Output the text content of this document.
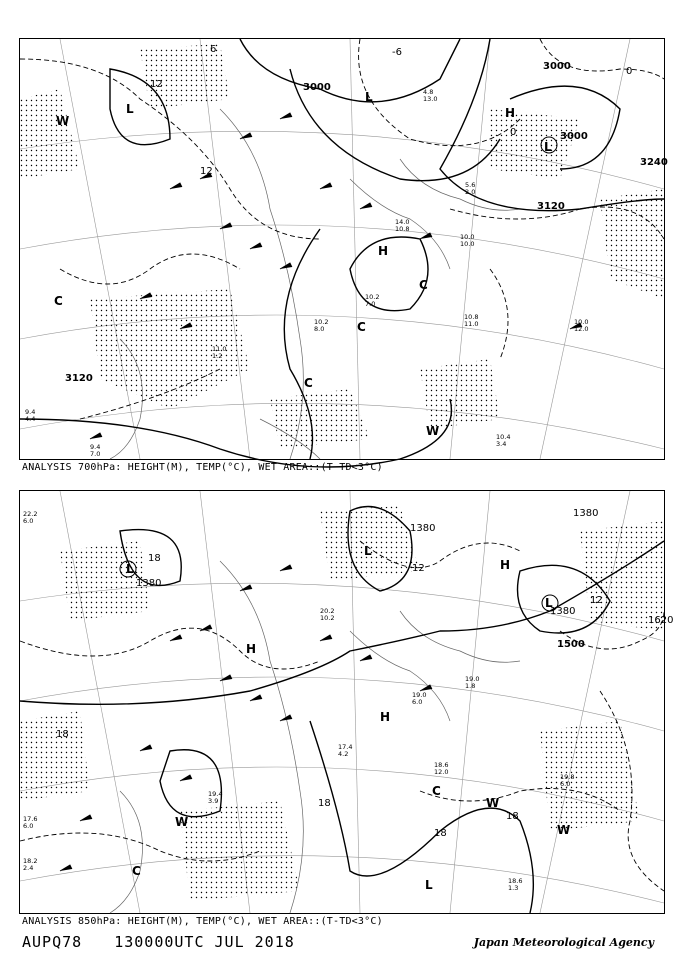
3000
3000
3000
3120
3120
3240
12
12
6
0
0
-6
L
L
L
H
H
W
W
C
C
C
C
10.0 12.0
10.8 11.0
10.2 8.0
10.2 7.0
10.0 10.0
14.0 10.8
10.4 3.4
9.4 7.0
9.4 4.4
11.0 1.2
5.6 2.0
4.8 13.0
ANALYSIS 700hPa: HEIGHT(M), TEMP(°C), WET AREA::(T-TD<3°C)
1380
1380
1380
1380
1500
1620
18
18
18
18
18
12
12
L
L
L
L
H
H
H
W
W
W
C
C
18.6 1.3
19.8 6.0
18.6 12.0
17.4 4.2
19.0 6.0
20.2 10.2
19.0 1.8
17.6 6.0
18.2 2.4
19.4 3.9
22.2 6.0
ANALYSIS 850hPa: HEIGHT(M), TEMP(°C), WET AREA::(T-TD<3°C)
AUPQ78 130000UTC JUL 2018	Japan Meteorological Agency
